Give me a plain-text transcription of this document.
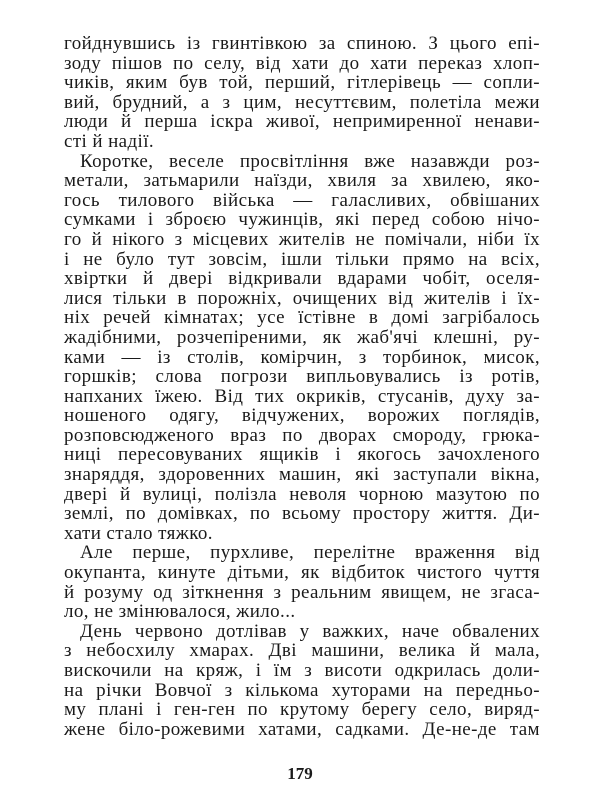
гойднувшись із гвинтівкою за спиною. З цього епі-
зоду пішов по селу, від хати до хати переказ хлоп-
чиків, яким був той, перший, гітлерівець — сопли-
вий, брудний, а з цим, несуттєвим, полетіла межи
люди й перша іскра живої, непримиренної ненави-
сті й надії.
Коротке, веселе просвітління вже назавжди роз-
метали, затьмарили наїзди, хвиля за хвилею, яко-
гось тилового війська — галасливих, обвішаних
сумками і зброєю чужинців, які перед собою нічо-
го й нікого з місцевих жителів не помічали, ніби їх
і не було тут зовсім, ішли тільки прямо на всіх,
хвіртки й двері відкривали вдарами чобіт, оселя-
лися тільки в порожніх, очищених від жителів і їх-
ніх речей кімнатах; усе їстівне в домі загрібалось
жадібними, розчепіреними, як жаб'ячі клешні, ру-
ками — із столів, комірчин, з торбинок, мисок,
горшків; слова погрози випльовувались із ротів,
напханих їжею. Від тих окриків, стусанів, духу за-
ношеного одягу, відчужених, ворожих поглядів,
розповсюдженого враз по дворах смороду, грюка-
ниці пересовуваних ящиків і якогось зачохленого
знаряддя, здоровенних машин, які заступали вікна,
двері й вулиці, полізла неволя чорною мазутою по
землі, по домівках, по всьому простору життя. Ди-
хати стало тяжко.
Але перше, пурхливе, перелітне враження від
окупанта, кинуте дітьми, як відбиток чистого чуття
й розуму од зіткнення з реальним явищем, не згаса-
ло, не змінювалося, жило...
День червоно дотлівав у важких, наче обвалених
з небосхилу хмарах. Дві машини, велика й мала,
вискочили на кряж, і їм з висоти одкрилась доли-
на річки Вовчої з кількома хуторами на передньо-
му плані і ген-ген по крутому берегу село, виряд-
жене біло-рожевими хатами, садками. Де-не-де там
179
